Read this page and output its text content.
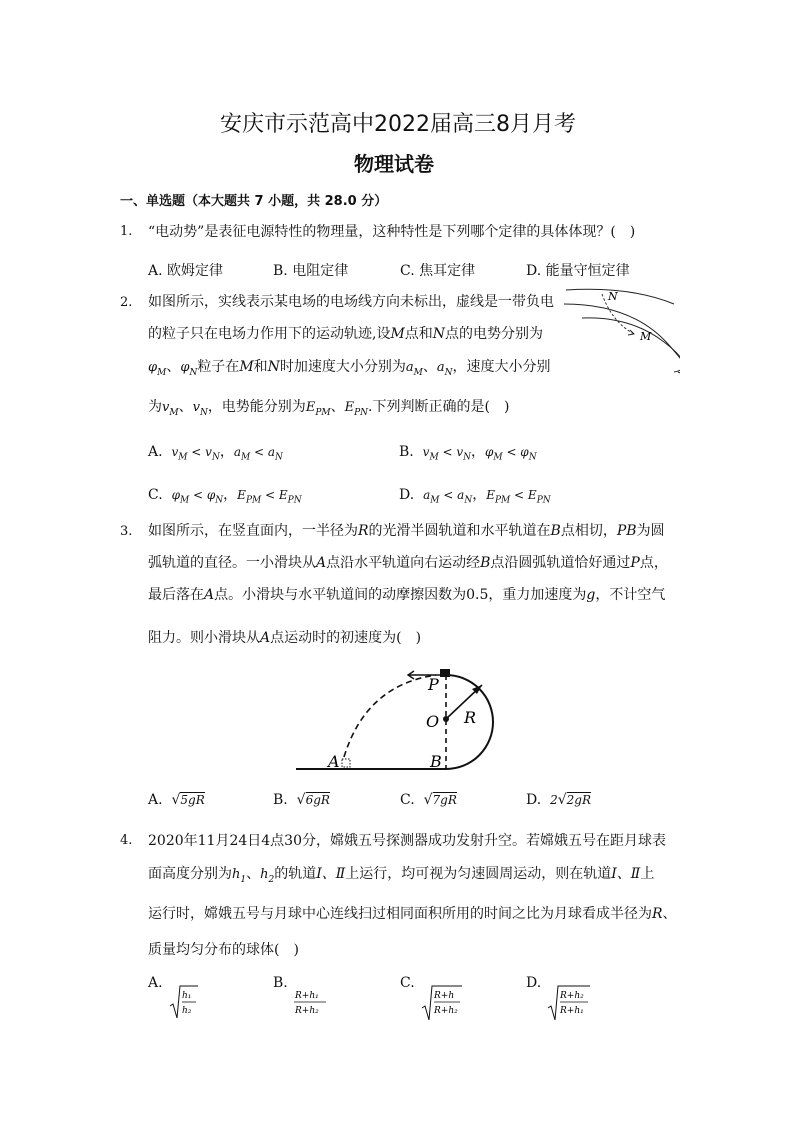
安庆市示范高中2022届高三8月月考
物理试卷
一、单选题（本大题共 7 小题，共 28.0 分）
1. “电动势”是表征电源特性的物理量，这种特性是下列哪个定律的具体体现？(　)
A. 欧姆定律	B. 电阻定律	C. 焦耳定律	D. 能量守恒定律
2. 如图所示，实线表示某电场的电场线方向未标出，虚线是一带负电
的粒子只在电场力作用下的运动轨迹,设M点和N点的电势分别为
$\varphi_M$、$\varphi_N$粒子在M和N时加速度大小分别为$a_M$、$a_N$，速度大小分别
为$v_M$、$v_N$，电势能分别为$E_{PM}$、$E_{PN}$.下列判断正确的是(　)
N
M
A. $v_M < v_N$，$a_M < a_N$	B. $v_M < v_N$，$\varphi_M < \varphi_N$
C. $\varphi_M < \varphi_N$，$E_{PM} < E_{PN}$	D. $a_M < a_N$，$E_{PM} < E_{PN}$
3. 如图所示，在竖直面内，一半径为R的光滑半圆轨道和水平轨道在B点相切，PB为圆
弧轨道的直径。一小滑块从A点沿水平轨道向右运动经B点沿圆弧轨道恰好通过P点，
最后落在A点。小滑块与水平轨道间的动摩擦因数为0.5，重力加速度为g，不计空气
阻力。则小滑块从A点运动时的初速度为(　)
P
O R
A	B
A. √5gR	B. √6gR	C. √7gR	D. 2√2gR
4. 2020年11月24日4点30分，嫦娥五号探测器成功发射升空。若嫦娥五号在距月球表
面高度分别为$h_1$、$h_2$的轨道I、Ⅱ上运行，均可视为匀速圆周运动，则在轨道I、Ⅱ上
运行时，嫦娥五号与月球中心连线扫过相同面积所用的时间之比为月球看成半径为R、
质量均匀分布的球体(　)
A.
h₁
h₂
B.
R+h₁
R+h₂
C.
R+h
R+h₂
D.
R+h₂
R+h₁
